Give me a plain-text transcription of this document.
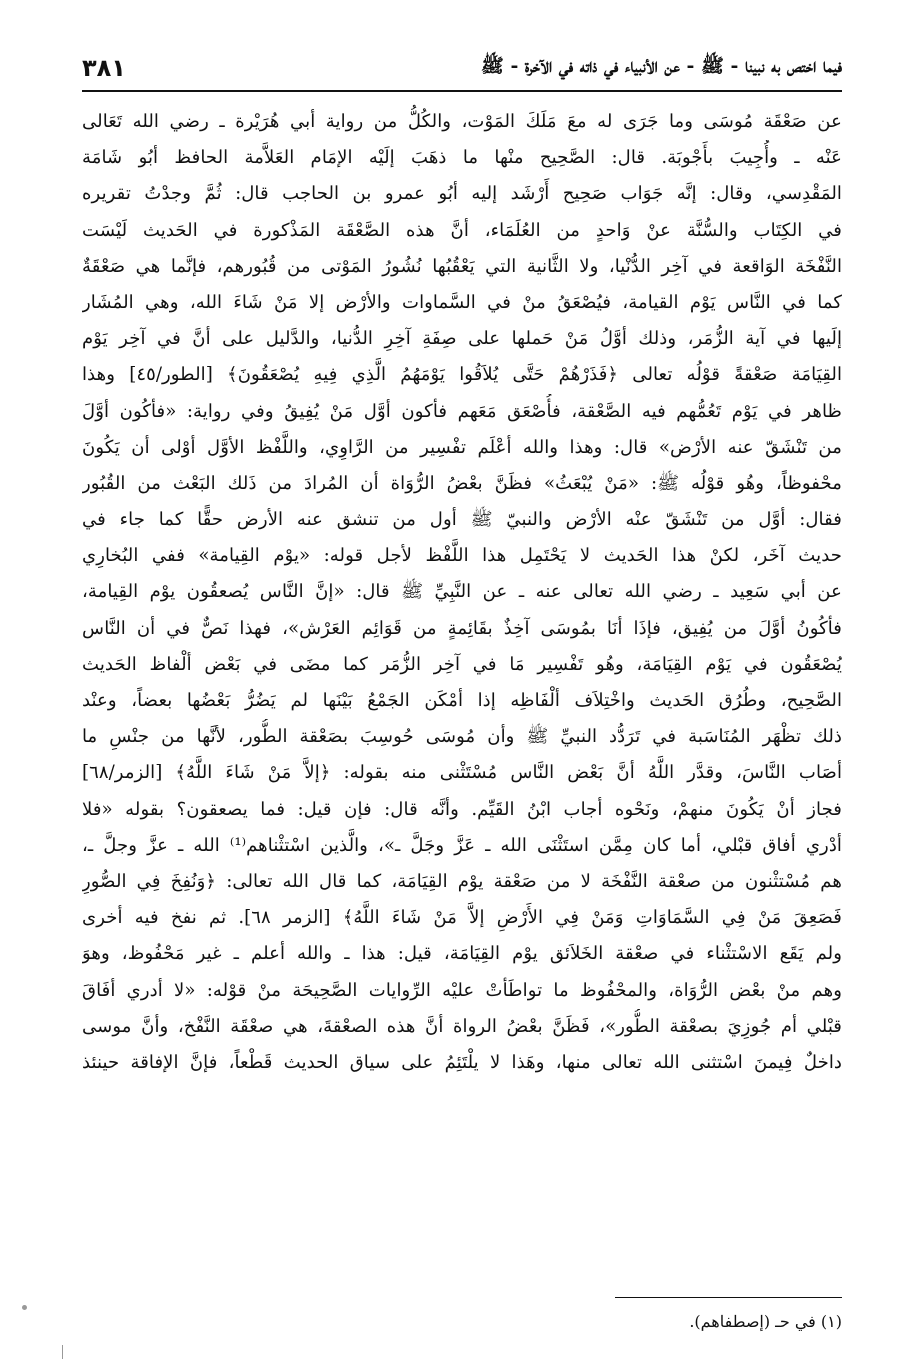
فيما اختص به نبينا - ﷺ - عن الأنبياء في ذاته في الآخرة - ﷺ
٣٨١
عن صَعْقَة مُوسَى وما جَرَى له معَ مَلَكَ المَوْت، والكُلُّ من رواية أبي هُرَيْرة ـ رضي الله تَعَالى
عَنْه ـ وأُجِيبَ بأَجْوبَة. قال: الصَّحِيح منْها ما ذهَبَ إلَيْه الإمَام العَلاَّمة الحافظ أبُو شَامَة
المَقْدِسي، وقال: إنَّه جَوَاب صَحِيح أَرْشَد إليه أبُو عمرو بن الحاجب قال: ثُمَّ وجدْتُ تقريره
في الكِتَاب والسُّنَّة عنْ وَاحدٍ من العُلَمَاء، أنَّ هذه الصَّعْقَة المَذْكورة في الحَديث لَيْسَت
النَّفْخَة الوَاقعة في آخِر الدُّنْيا، ولا الثَّانية التي يَعْقُبُها نُشُورُ المَوْتى من قُبُورهم، فإنَّما هي صَعْقَةٌ
كما في النَّاس يَوْم القيامة، فيُصْعَقُ منْ في السَّماوات والأرْض إلا مَنْ شَاءَ الله، وهي المُشَار
إلَيها في آية الزُّمَر، وذلك أوَّلُ مَنْ حَملها على صِفَةِ آخِرِ الدُّنيا، والدَّليل على أنَّ في آخِر يَوْم
القِيَامَة صَعْقةً قوْلُه تعالى ﴿فَذَرْهُمْ حَتَّى يُلاَقُوا يَوْمَهُمُ الَّذِي فِيهِ يُصْعَقُونَ﴾ [الطور/٤٥] وهذا
ظاهر في يَوْم تَعُمُّهم فيه الصَّعْقة، فأُصْعَق مَعَهم فأكون أوَّل مَنْ يُفِيقُ وفي رواية: «فأكُون أوَّلَ
من تَنْشَقّ عنه الأرْض» قال: وهذا والله أعْلَم تفْسِير من الرَّاوِي، واللَّفْظ الأوَّل أوْلى أن يَكُونَ
محْفوظاً، وهُو قوْلُه ﷺ: «مَنْ يُبْعَثُ» فظَنَّ بعْضُ الرُّوَاة أن المُرادَ من ذَلك البَعْث من القُبُور
فقال: أوَّل من تَنْشَقّ عنْه الأرْض والنبيّ ﷺ أول من تنشق عنه الأرض حقًّا كما جاء في
حديث آخَر، لكنْ هذا الحَديث لا يَحْتَمِل هذا اللَّفْظ لأجل قوله: «يوْم القِيامة» ففي البُخارِي
عن أبي سَعِيد ـ رضي الله تعالى عنه ـ عن النَّبِيِّ ﷺ قال: «إنَّ النَّاس يُصعقُون يوْم القِيامة،
فأكُونُ أوَّلَ من يُفِيق، فإذَا أنَا بمُوسَى آخِذٌ بقَائِمةٍ من قَوَائِم العَرْش»، فهذا نَصٌّ في أن النَّاس
يُصْعَقُون في يَوْم القِيَامَة، وهُو تَفْسِير مَا في آخِر الزُّمَر كما مضَى في بَعْض ألْفاظ الحَديث
الصَّحِيح، وطُرُق الحَديث واخْتِلاَف ألْفَاظِه إذا أمْكَن الجَمْعُ بَيْنَها لم يَضُرُّ بَعْضُها بعضاً، وعنْد
ذلك تظْهَر المُنَاسَبة في تَرَدُّد النبيِّ ﷺ وأن مُوسَى حُوسِبَ بصَعْقة الطُّور، لأنَّها من جنْسِ ما
أصَاب النَّاسَ، وقدَّر اللَّهُ أنَّ بَعْض النَّاس مُسْتَثْنى منه بقوله: ﴿إلاَّ مَنْ شَاءَ اللَّهُ﴾ [الزمر/٦٨]
فجاز أنْ يَكُونَ منهمْ، ونَحْوه أجاب ابْنُ القَيِّم. وأنَّه قال: فإن قيل: فما يصعقون؟ بقوله «فلا
أدْري أفاق قبْلي، أما كان مِمَّن استَثْنَى الله ـ عَزَّ وجَلَّ ـ»، والَّذين اسْتثْناهم⁽¹⁾ الله ـ عزَّ وجلَّ ـ،
هم مُسْتثْنون من صعْقة النَّفْخَة لا من صَعْقة يوْم القِيَامَة، كما قال الله تعالى: ﴿وَنُفِخَ فِي الصُّورِ
فَصَعِقَ مَنْ فِي السَّمَاوَاتِ وَمَنْ فِي الأَرْضِ إلاَّ مَنْ شَاءَ اللَّهُ﴾ [الزمر ٦٨]. ثم نفخ فيه أخرى
ولم يَقَع الاسْتثْناء في صعْقة الخَلاَئق يوْم القِيَامَة، قيل: هذا ـ والله أعلم ـ غير مَحْفُوظ، وهوَ
وهم منْ بعْض الرُّوَاة، والمحْفُوظ ما تواطَأتْ عليْه الرِّوايات الصَّحِيحَة منْ قوْله: «لا أدري أفَاقَ
قبْلي أم جُوزِيَ بصعْقة الطُّور»، فَظَنَّ بعْضُ الرواة أنَّ هذه الصعْقةَ، هي صعْقَة النَّفْخ، وأنَّ موسى
داخلٌ فِيمنَ اسْتثنى الله تعالى منها، وهَذا لا يلْتَئِمُ على سياق الحديث قَطْعاً، فإنَّ الإفاقة حينئذ
(١) في حـ (إصطفاهم).
